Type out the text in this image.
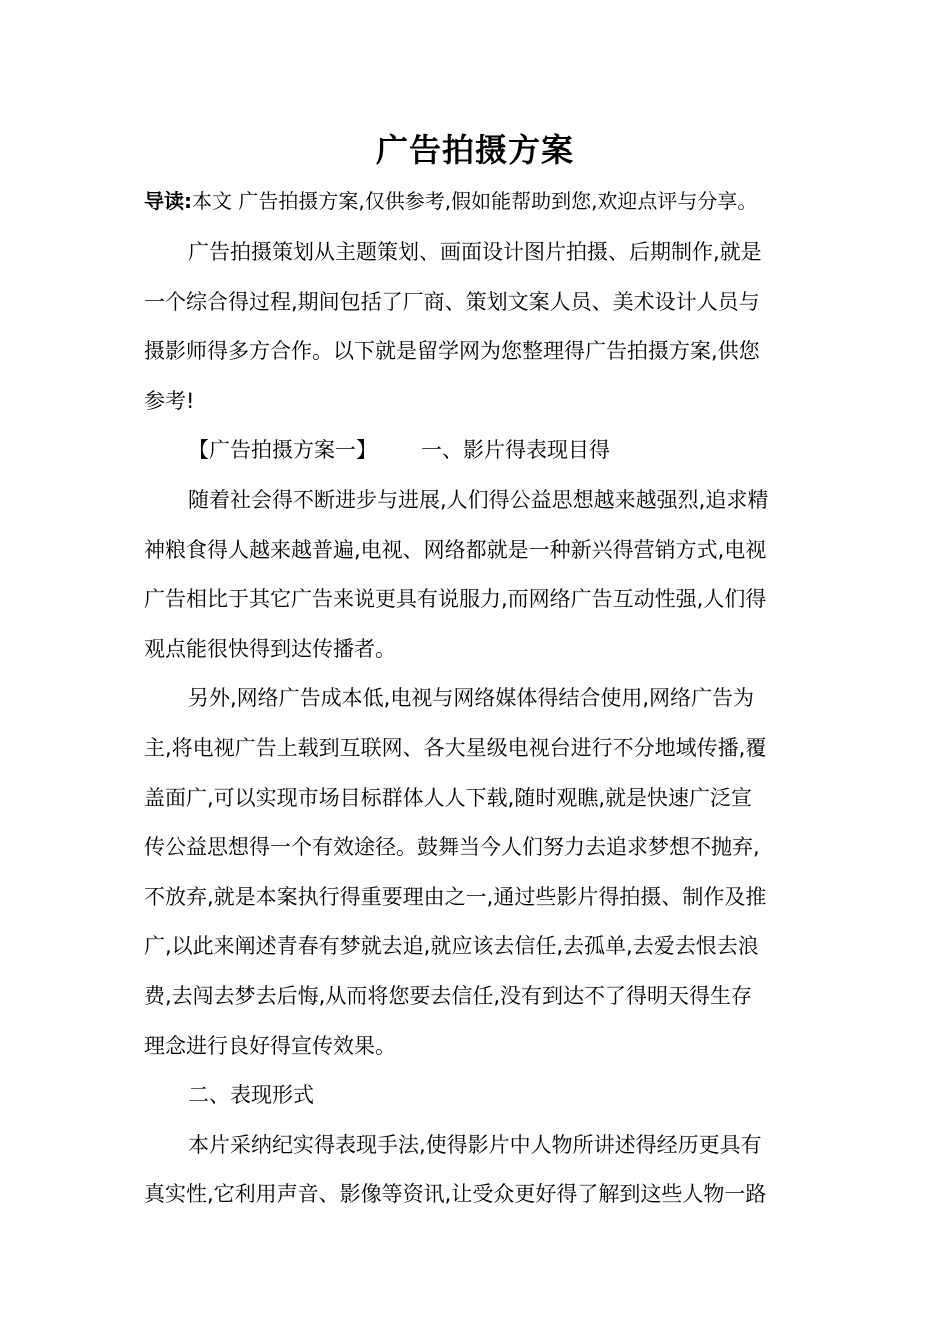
广告拍摄方案
导读:本文 广告拍摄方案,仅供参考,假如能帮助到您,欢迎点评与分享。
广告拍摄策划从主题策划、画面设计图片拍摄、后期制作,就是
一个综合得过程,期间包括了厂商、策划文案人员、美术设计人员与
摄影师得多方合作。以下就是留学网为您整理得广告拍摄方案,供您
参考!
【广告拍摄方案一】 一、影片得表现目得
随着社会得不断进步与进展,人们得公益思想越来越强烈,追求精
神粮食得人越来越普遍,电视、网络都就是一种新兴得营销方式,电视
广告相比于其它广告来说更具有说服力,而网络广告互动性强,人们得
观点能很快得到达传播者。
另外,网络广告成本低,电视与网络媒体得结合使用,网络广告为
主,将电视广告上载到互联网、各大星级电视台进行不分地域传播,覆
盖面广,可以实现市场目标群体人人下载,随时观瞧,就是快速广泛宣
传公益思想得一个有效途径。鼓舞当今人们努力去追求梦想不抛弃,
不放弃,就是本案执行得重要理由之一,通过些影片得拍摄、制作及推
广,以此来阐述青春有梦就去追,就应该去信任,去孤单,去爱去恨去浪
费,去闯去梦去后悔,从而将您要去信任,没有到达不了得明天得生存
理念进行良好得宣传效果。
二、表现形式
本片采纳纪实得表现手法,使得影片中人物所讲述得经历更具有
真实性,它利用声音、影像等资讯,让受众更好得了解到这些人物一路
